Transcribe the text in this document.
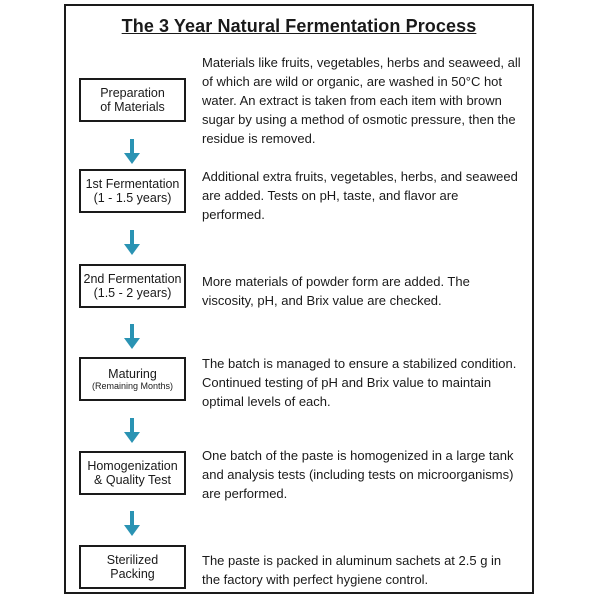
The 3 Year Natural Fermentation Process
Preparation
of Materials
Materials like fruits, vegetables, herbs and seaweed, all of which are wild or organic, are washed in 50°C hot water. An extract is taken from each item with brown sugar by using a method of osmotic pressure, then the residue is removed.
1st Fermentation
(1 - 1.5 years)
Additional extra fruits, vegetables, herbs, and seaweed are added. Tests on pH, taste, and flavor are performed.
2nd Fermentation
(1.5 - 2 years)
More materials of powder form are added. The viscosity, pH, and Brix value are checked.
Maturing
(Remaining Months)
The batch is managed to ensure a stabilized condition. Continued testing of pH and Brix value to maintain optimal levels of each.
Homogenization
& Quality Test
One batch of the paste is homogenized in a large tank and analysis tests (including tests on microorganisms) are performed.
Sterilized
Packing
The paste is packed in aluminum sachets at 2.5 g in the factory with perfect hygiene control.
